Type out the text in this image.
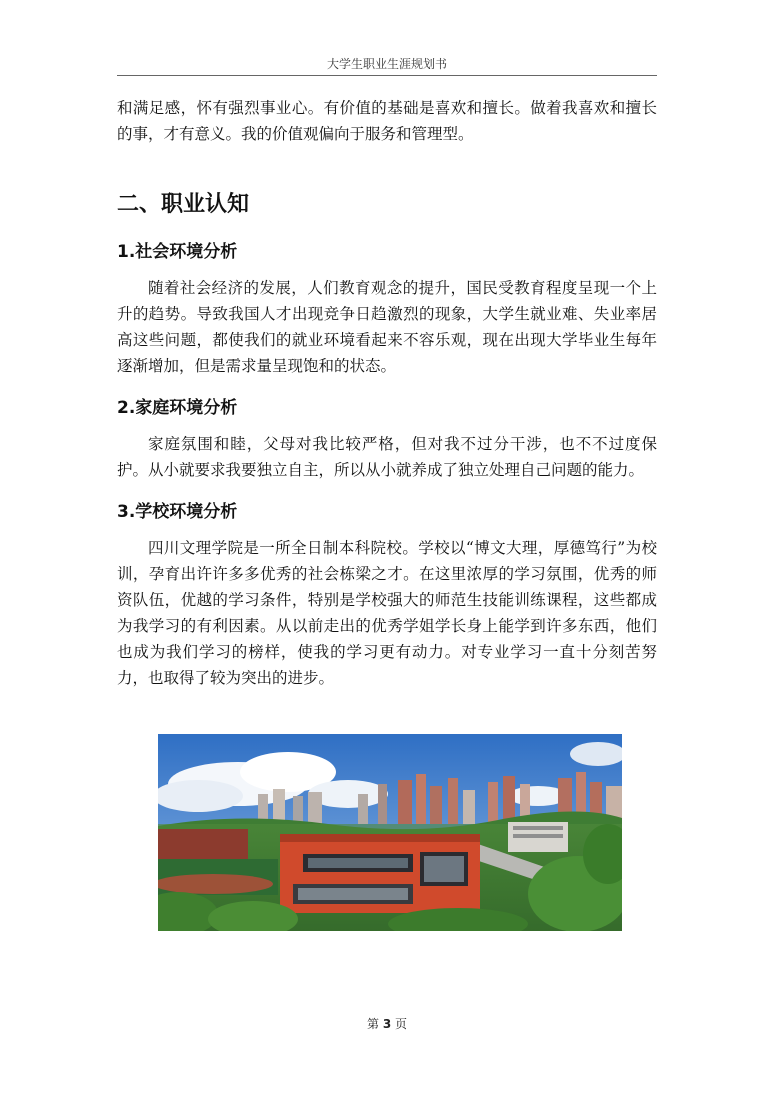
大学生职业生涯规划书

和满足感，怀有强烈事业心。有价值的基础是喜欢和擅长。做着我喜欢和擅长的事，才有意义。我的价值观偏向于服务和管理型。

二、职业认知
1.社会环境分析

随着社会经济的发展，人们教育观念的提升，国民受教育程度呈现一个上升的趋势。导致我国人才出现竞争日趋激烈的现象，大学生就业难、失业率居高这些问题，都使我们的就业环境看起来不容乐观，现在出现大学毕业生每年逐渐增加，但是需求量呈现饱和的状态。

2.家庭环境分析

家庭氛围和睦，父母对我比较严格，但对我不过分干涉，也不不过度保护。从小就要求我要独立自主，所以从小就养成了独立处理自己问题的能力。

3.学校环境分析

四川文理学院是一所全日制本科院校。学校以“博文大理，厚德笃行”为校训，孕育出许许多多优秀的社会栋梁之才。在这里浓厚的学习氛围，优秀的师资队伍，优越的学习条件，特别是学校强大的师范生技能训练课程，这些都成为我学习的有利因素。从以前走出的优秀学姐学长身上能学到许多东西，他们也成为我们学习的榜样，使我的学习更有动力。对专业学习一直十分刻苦努力，也取得了较为突出的进步。

第 3 页
